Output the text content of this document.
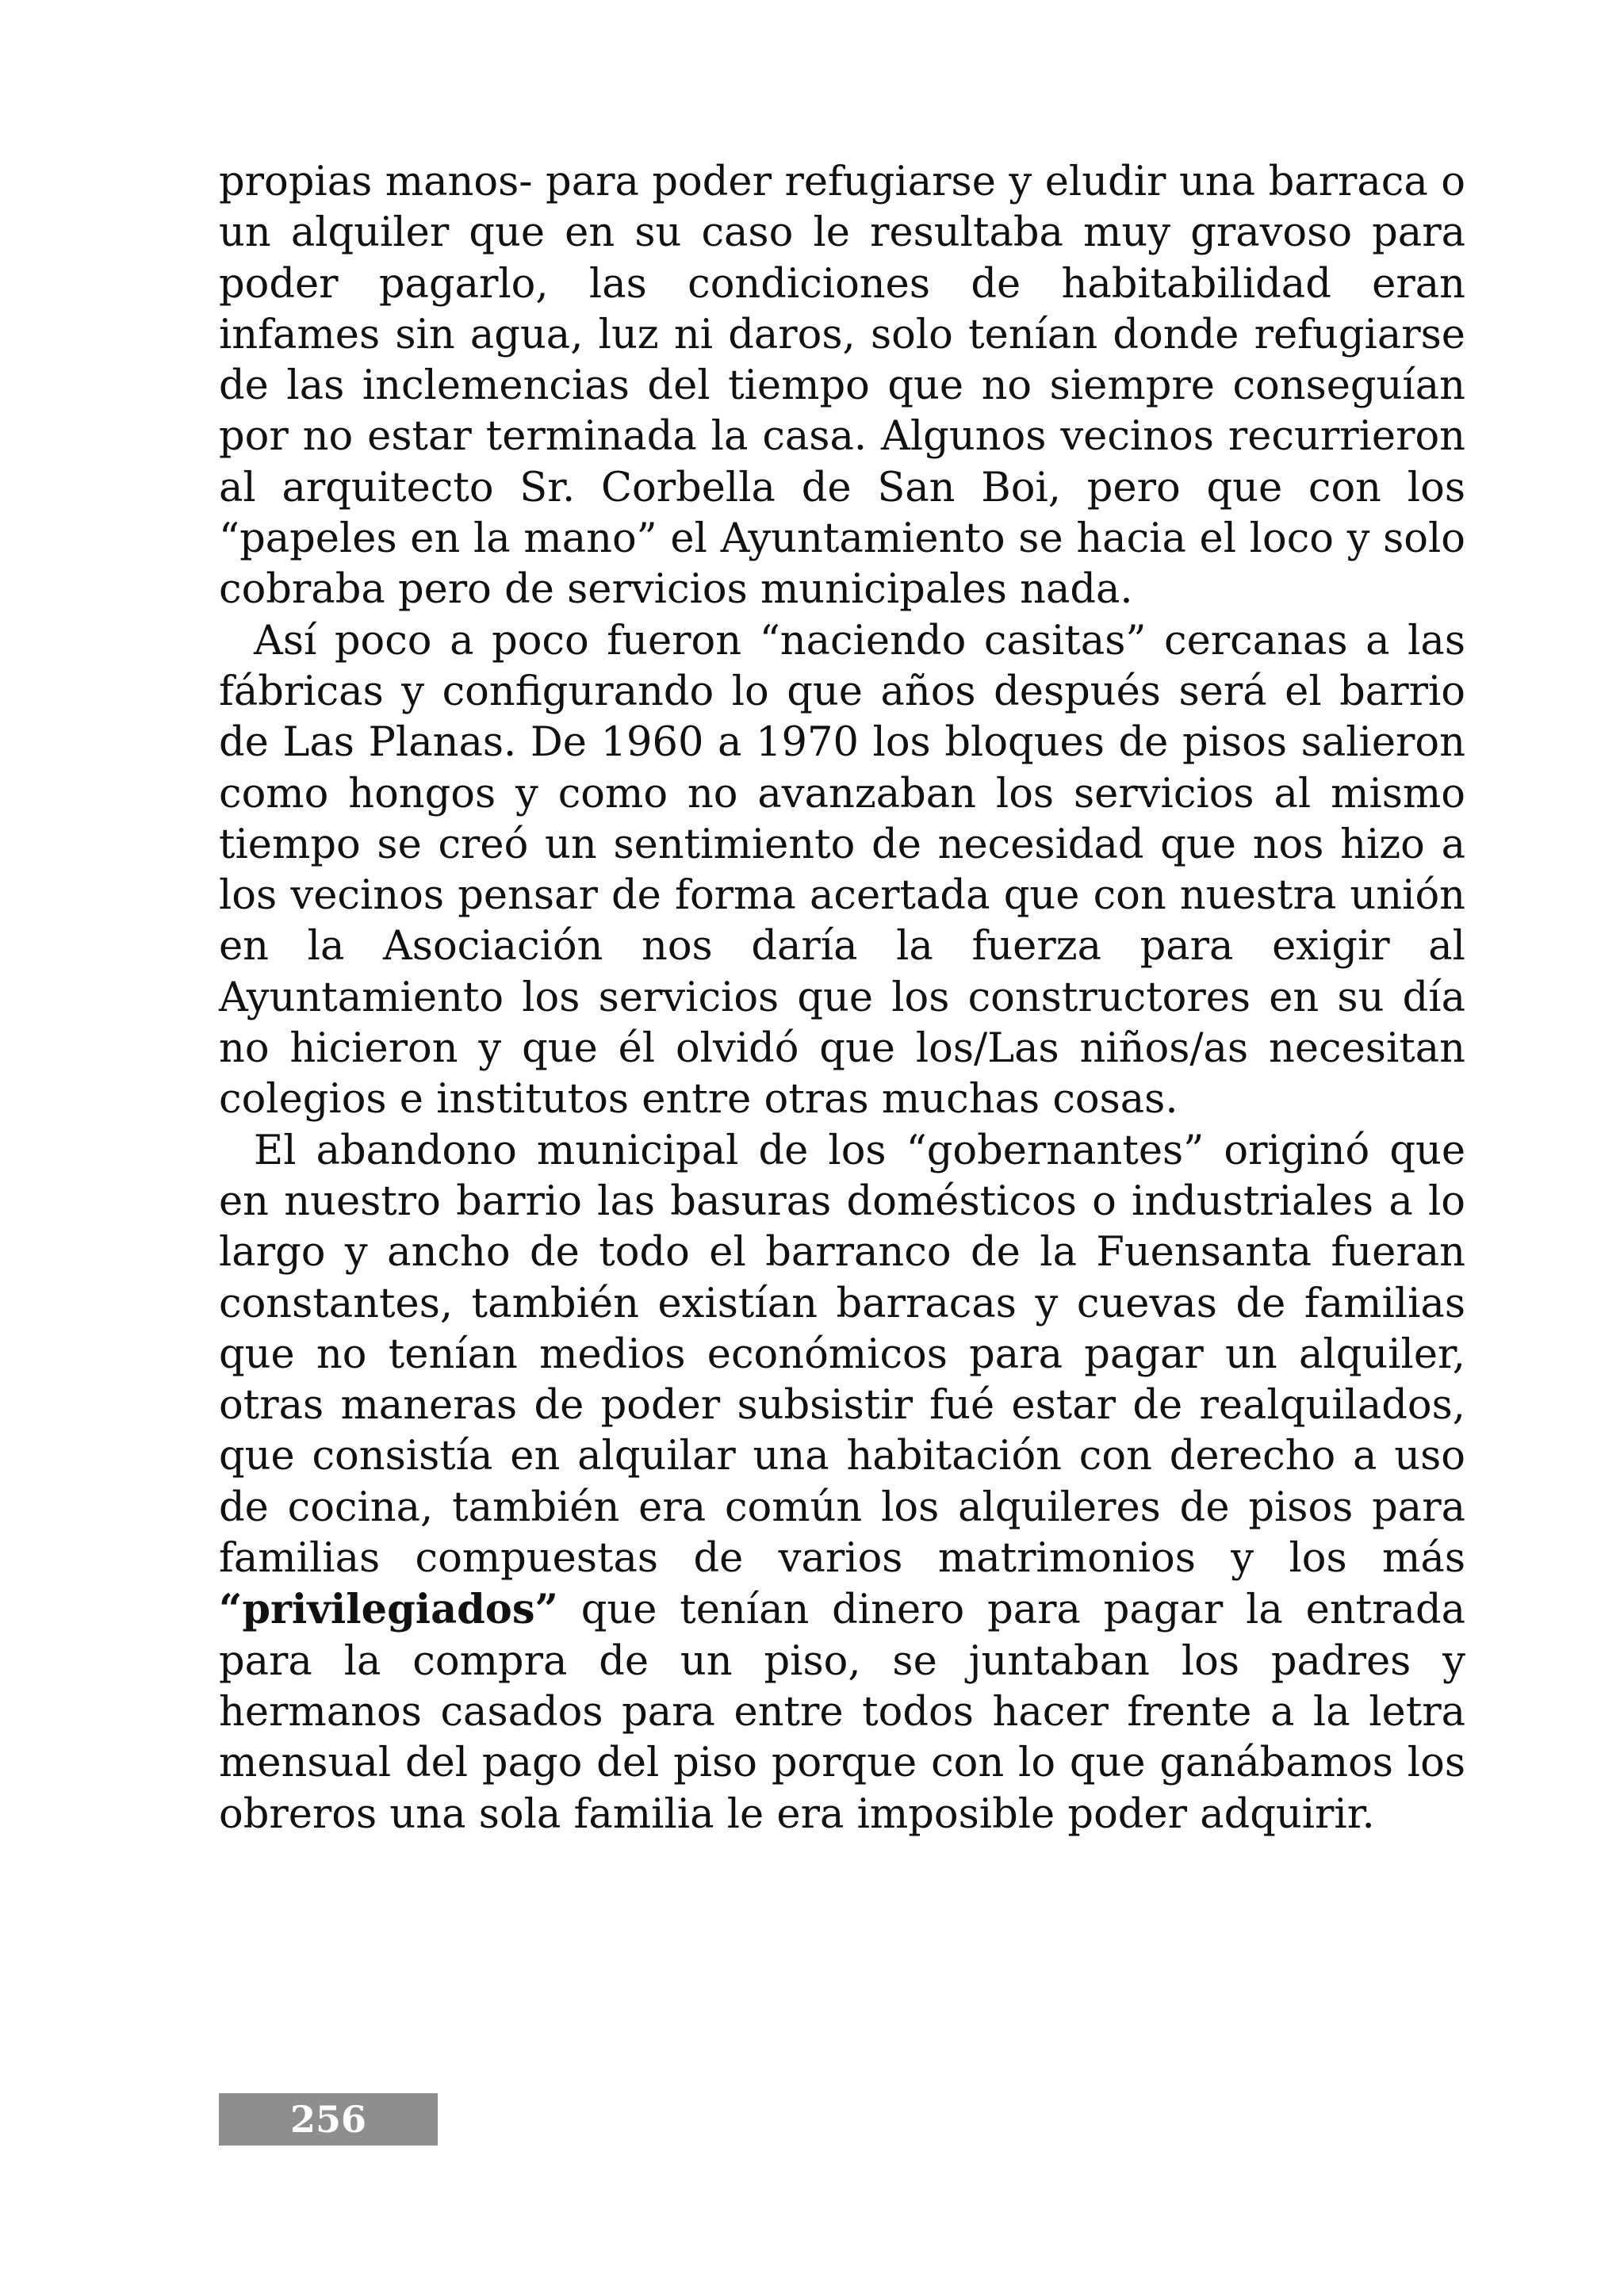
propias manos- para poder refugiarse y eludir una barraca o un alquiler que en su caso le resultaba muy gravoso para poder pagarlo, las condiciones de habitabilidad eran infames sin agua, luz ni daros, solo tenían donde refugiarse de las inclemencias del tiempo que no siempre conseguían por no estar terminada la casa. Algunos vecinos recurrieron al arquitecto Sr. Corbella de San Boi, pero que con los “papeles en la mano” el Ayuntamiento se hacia el loco y solo cobraba pero de servicios municipales nada.

Así poco a poco fueron “naciendo casitas” cercanas a las fábricas y configurando lo que años después será el barrio de Las Planas. De 1960 a 1970 los bloques de pisos salieron como hongos y como no avanzaban los servicios al mismo tiempo se creó un sentimiento de necesidad que nos hizo a los vecinos pensar de forma acertada que con nuestra unión en la Asociación nos daría la fuerza para exigir al Ayuntamiento los servicios que los constructores en su día no hicieron y que él olvidó que los/Las niños/as necesitan colegios e institutos entre otras muchas cosas.

El abandono municipal de los “gobernantes” originó que en nuestro barrio las basuras domésticos o industriales a lo largo y ancho de todo el barranco de la Fuensanta fueran constantes, también existían barracas y cuevas de familias que no tenían medios económicos para pagar un alquiler, otras maneras de poder subsistir fué estar de realquilados, que consistía en alquilar una habitación con derecho a uso de cocina, también era común los alquileres de pisos para familias compuestas de varios matrimonios y los más “privilegiados” que tenían dinero para pagar la entrada para la compra de un piso, se juntaban los padres y hermanos casados para entre todos hacer frente a la letra mensual del pago del piso porque con lo que ganábamos los obreros una sola familia le era imposible poder adquirir.

256
